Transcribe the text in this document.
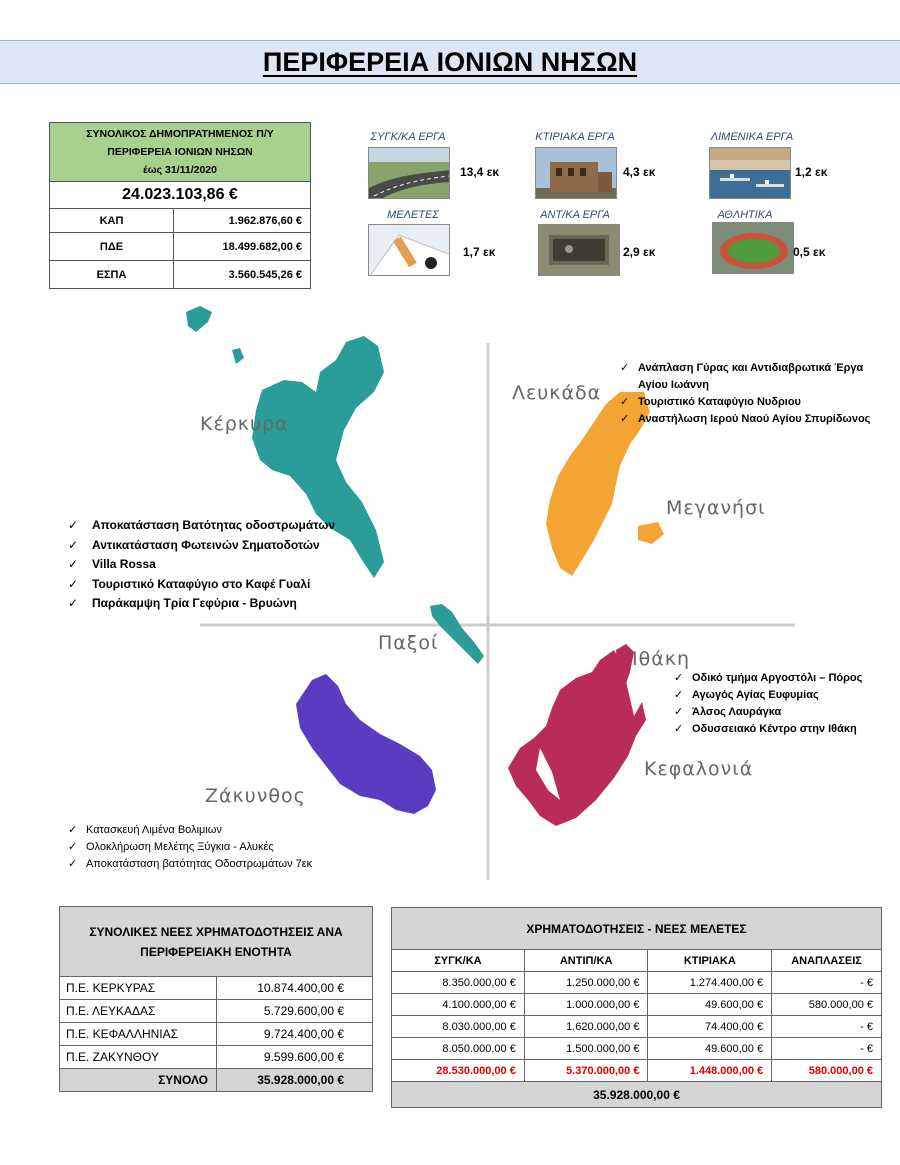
ΠΕΡΙΦΕΡΕΙΑ ΙΟΝΙΩΝ ΝΗΣΩΝ
ΣΥΝΟΛΙΚΟΣ ΔΗΜΟΠΡΑΤΗΜΕΝΟΣ Π/Υ
ΠΕΡΙΦΕΡΕΙΑ ΙΟΝΙΩΝ ΝΗΣΩΝ
έως 31/11/2020	

24.023.103,86 €	
ΚΑΠ	1.962.876,60 €
ΠΔΕ	18.499.682,00 €
ΕΣΠΑ	3.560.545,26 €
ΣΥΓΚ/ΚΑ ΕΡΓΑ
13,4 εκ
ΚΤΙΡΙΑΚΑ ΕΡΓΑ
4,3 εκ
ΛΙΜΕΝΙΚΑ ΕΡΓΑ
1,2 εκ
ΜΕΛΕΤΕΣ
1,7 εκ
ΑΝΤ/ΚΑ ΕΡΓΑ
2,9 εκ
ΑΘΛΗΤΙΚΑ
0,5 εκ
Κέρκυρα
Λευκάδα
Μεγανήσι
Παξοί
Ιθάκη
Ζάκυνθος
Κεφαλονιά
✓ Αποκατάσταση Βατότητας οδοστρωμάτων
✓ Αντικατάσταση Φωτεινών Σηματοδοτών
✓ Villa Rossa
✓ Τουριστικό Καταφύγιο στο Καφέ Γυαλί
✓ Παράκαμψη Τρία Γεφύρια - Βρυώνη
✓ Ανάπλαση Γύρας και Αντιδιαβρωτικά Έργα Αγίου Ιωάννη
✓ Τουριστικό Καταφύγιο Νυδριου
✓ Αναστήλωση Ιερού Ναού Αγίου Σπυρίδωνος
✓ Οδικό τμήμα Αργοστόλι – Πόρος
✓ Αγωγός Αγίας Ευφυμίας
✓ Άλσος Λαυράγκα
✓ Οδυσσειακό Κέντρο στην Ιθάκη
✓ Κατασκευή Λιμένα Βολιμιων
✓ Ολοκλήρωση Μελέτης Ξύγκια - Αλυκές
✓ Αποκατάσταση βατότητας Οδοστρωμάτων 7εκ
ΣΥΝΟΛΙΚΕΣ ΝΕΕΣ ΧΡΗΜΑΤΟΔΟΤΗΣΕΙΣ ΑΝΑ ΠΕΡΙΦΕΡΕΙΑΚΗ ΕΝΟΤΗΤΑ	
Π.Ε. ΚΕΡΚΥΡΑΣ	10.874.400,00 €
Π.Ε. ΛΕΥΚΑΔΑΣ	5.729.600,00 €
Π.Ε. ΚΕΦΑΛΛΗΝΙΑΣ	9.724.400,00 €
Π.Ε. ΖΑΚΥΝΘΟΥ	9.599.600,00 €
ΣΥΝΟΛΟ	35.928.000,00 €
ΧΡΗΜΑΤΟΔΟΤΗΣΕΙΣ - ΝΕΕΣ ΜΕΛΕΤΕΣ			
ΣΥΓΚ/ΚΑ	ΑΝΤΙΠ/ΚΑ	ΚΤΙΡΙΑΚΑ	ΑΝΑΠΛΑΣΕΙΣ
8.350.000,00 €	1.250.000,00 €	1.274.400,00 €	- €
4.100.000,00 €	1.000.000,00 €	49.600,00 €	580.000,00 €
8.030.000,00 €	1.620.000,00 €	74.400,00 €	- €
8.050.000,00 €	1.500.000,00 €	49.600,00 €	- €
28.530.000,00 €	5.370.000,00 €	1.448.000,00 €	580.000,00 €
35.928.000,00 €			
